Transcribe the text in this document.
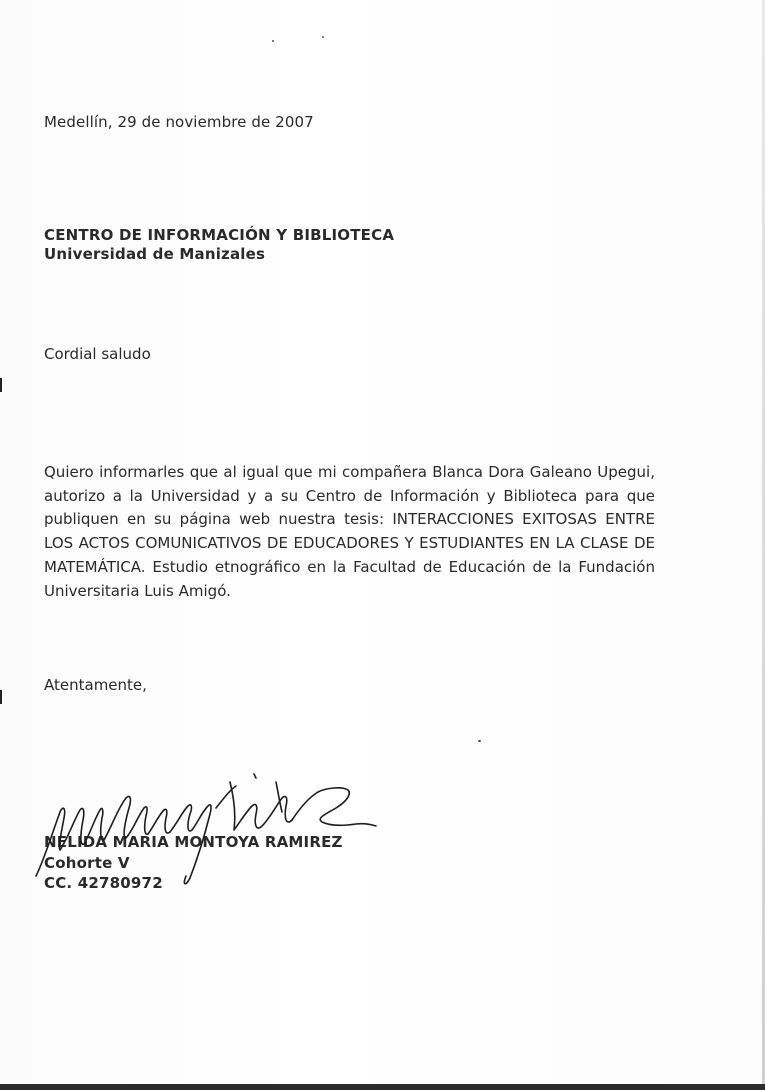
Medellín, 29 de noviembre de 2007
CENTRO DE INFORMACIÓN Y BIBLIOTECA
Universidad de Manizales
Cordial saludo
Quiero informarles que al igual que mi compañera Blanca Dora Galeano Upegui, autorizo a la Universidad y a su Centro de Información y Biblioteca para que publiquen en su página web nuestra tesis: INTERACCIONES EXITOSAS ENTRE LOS ACTOS COMUNICATIVOS DE EDUCADORES Y ESTUDIANTES EN LA CLASE DE MATEMÁTICA. Estudio etnográfico en la Facultad de Educación de la Fundación Universitaria Luis Amigó.
Atentamente,
NELIDA MARIA MONTOYA RAMIREZ
Cohorte V
CC. 42780972
